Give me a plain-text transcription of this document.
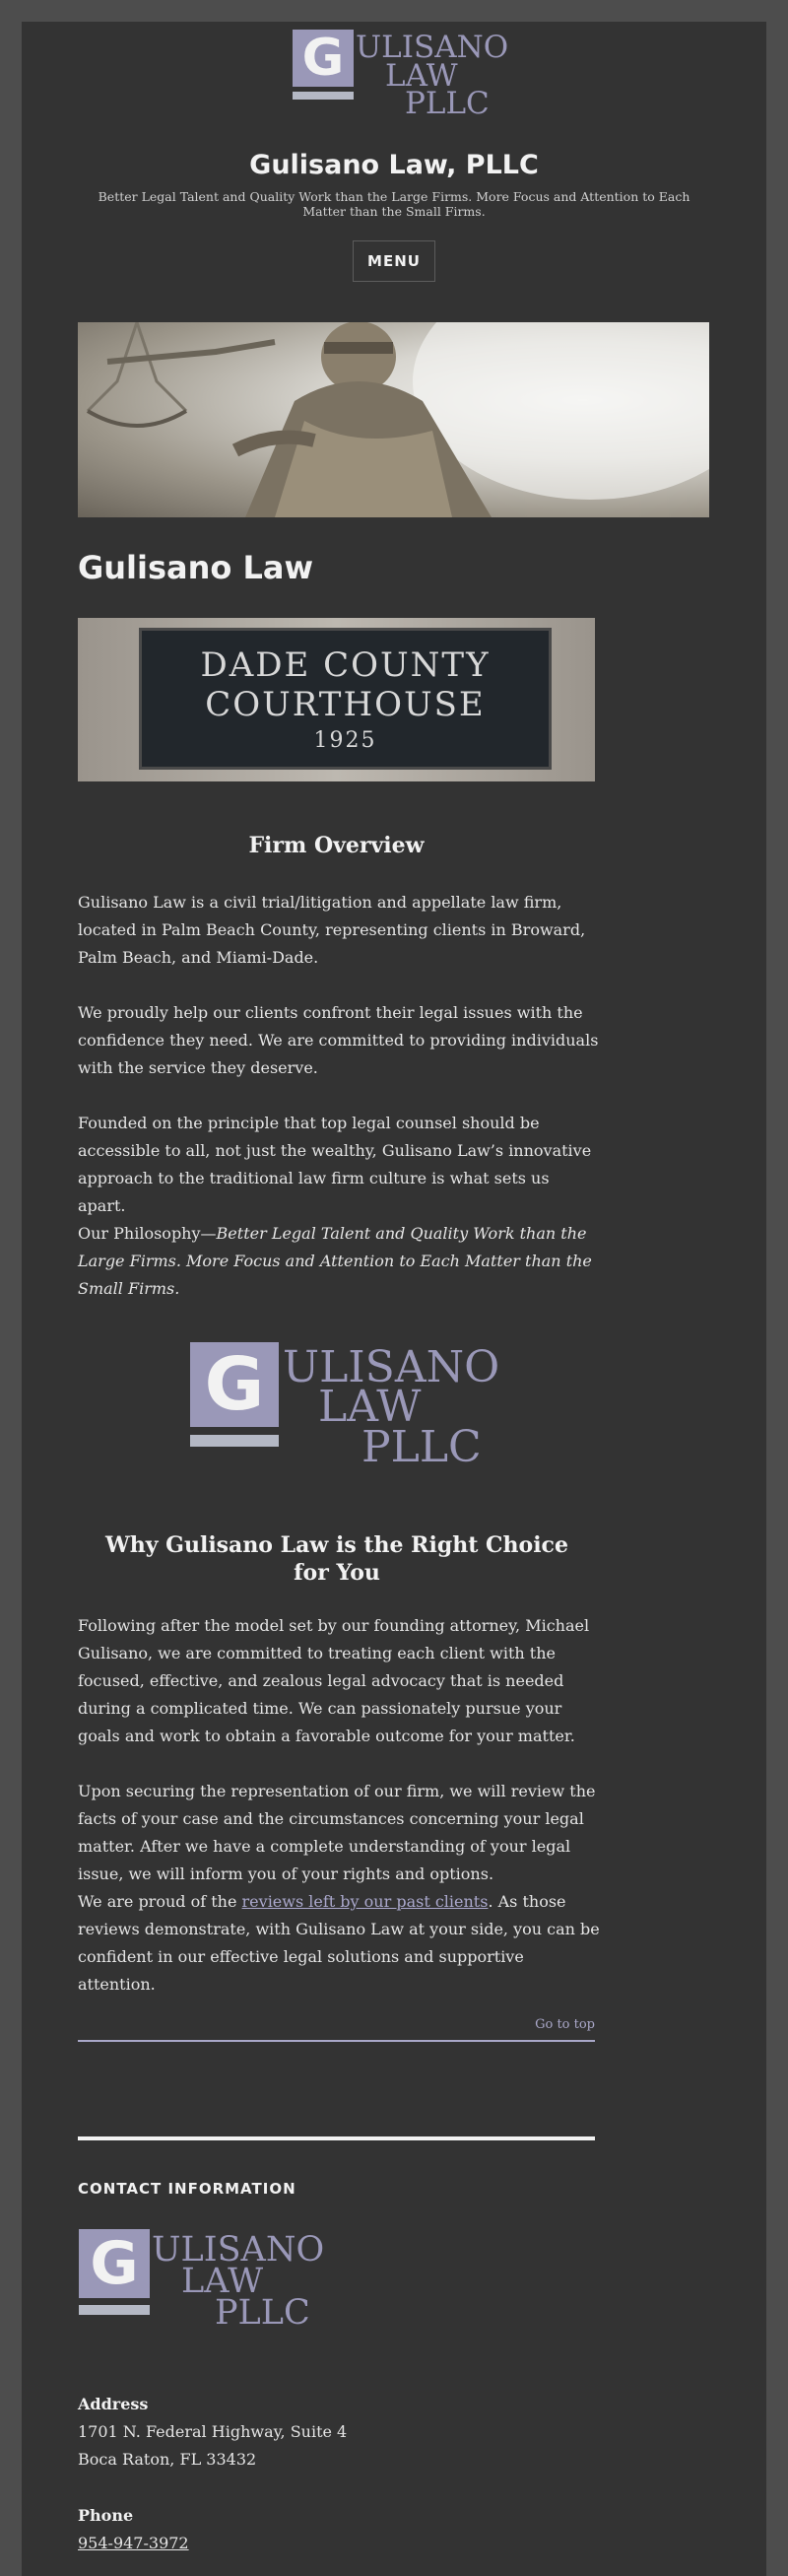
G ULISANO
LAW
PLLC
Gulisano Law, PLLC
Better Legal Talent and Quality Work than the Large Firms. More Focus and Attention to Each Matter than the Small Firms.
MENU
Gulisano Law
DADE COUNTY
COURTHOUSE
1925
Firm Overview

Gulisano Law is a civil trial/litigation and appellate law firm, located in Palm Beach County, representing clients in Broward, Palm Beach, and Miami-Dade.

We proudly help our clients confront their legal issues with the confidence they need. We are committed to providing individuals with the service they deserve.

Founded on the principle that top legal counsel should be accessible to all, not just the wealthy, Gulisano Law’s innovative approach to the traditional law firm culture is what sets us apart.

Our Philosophy—Better Legal Talent and Quality Work than the Large Firms. More Focus and Attention to Each Matter than the Small Firms.

G ULISANO
LAW
PLLC
Why Gulisano Law is the Right Choice for You

Following after the model set by our founding attorney, Michael Gulisano, we are committed to treating each client with the focused, effective, and zealous legal advocacy that is needed during a complicated time. We can passionately pursue your goals and work to obtain a favorable outcome for your matter.

Upon securing the representation of our firm, we will review the facts of your case and the circumstances concerning your legal matter. After we have a complete understanding of your legal issue, we will inform you of your rights and options.

We are proud of the reviews left by our past clients. As those reviews demonstrate, with Gulisano Law at your side, you can be confident in our effective legal solutions and supportive attention.

Go to top
CONTACT INFORMATION
G ULISANO
LAW
PLLC
Address
1701 N. Federal Highway, Suite 4
Boca Raton, FL 33432
Phone
954-947-3972
